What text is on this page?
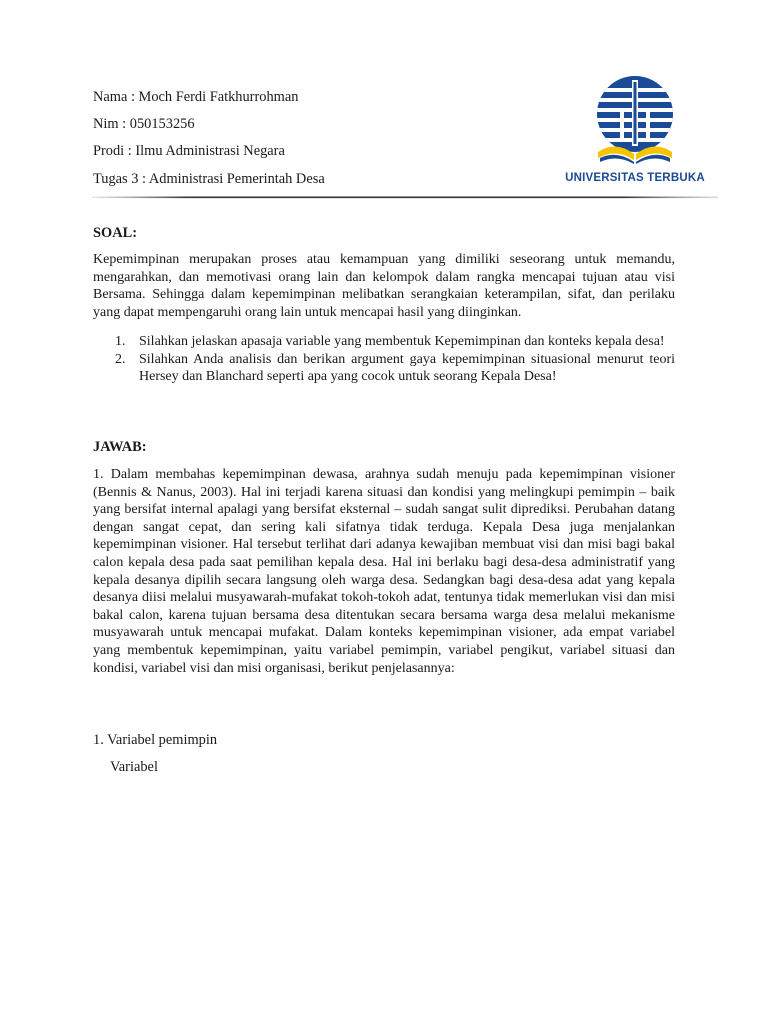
Nama : Moch Ferdi Fatkhurrohman
Nim : 050153256
Prodi : Ilmu Administrasi Negara
Tugas 3 : Administrasi Pemerintah Desa	UNIVERSITAS TERBUKA
SOAL:
Kepemimpinan merupakan proses atau kemampuan yang dimiliki seseorang untuk memandu, mengarahkan, dan memotivasi orang lain dan kelompok dalam rangka mencapai tujuan atau visi Bersama. Sehingga dalam kepemimpinan melibatkan serangkaian keterampilan, sifat, dan perilaku yang dapat mempengaruhi orang lain untuk mencapai hasil yang diinginkan.
1. Silahkan jelaskan apasaja variable yang membentuk Kepemimpinan dan konteks kepala desa!
2. Silahkan Anda analisis dan berikan argument gaya kepemimpinan situasional menurut teori Hersey dan Blanchard seperti apa yang cocok untuk seorang Kepala Desa!
JAWAB:
1. Dalam membahas kepemimpinan dewasa, arahnya sudah menuju pada kepemimpinan visioner (Bennis & Nanus, 2003). Hal ini terjadi karena situasi dan kondisi yang melingkupi pemimpin – baik yang bersifat internal apalagi yang bersifat eksternal – sudah sangat sulit diprediksi. Perubahan datang dengan sangat cepat, dan sering kali sifatnya tidak terduga. Kepala Desa juga menjalankan kepemimpinan visioner. Hal tersebut terlihat dari adanya kewajiban membuat visi dan misi bagi bakal calon kepala desa pada saat pemilihan kepala desa. Hal ini berlaku bagi desa-desa administratif yang kepala desanya dipilih secara langsung oleh warga desa. Sedangkan bagi desa-desa adat yang kepala desanya diisi melalui musyawarah-mufakat tokoh-tokoh adat, tentunya tidak memerlukan visi dan misi bakal calon, karena tujuan bersama desa ditentukan secara bersama warga desa melalui mekanisme musyawarah untuk mencapai mufakat. Dalam konteks kepemimpinan visioner, ada empat variabel yang membentuk kepemimpinan, yaitu variabel pemimpin, variabel pengikut, variabel situasi dan kondisi, variabel visi dan misi organisasi, berikut penjelasannya:
1. Variabel pemimpin
Variabel
